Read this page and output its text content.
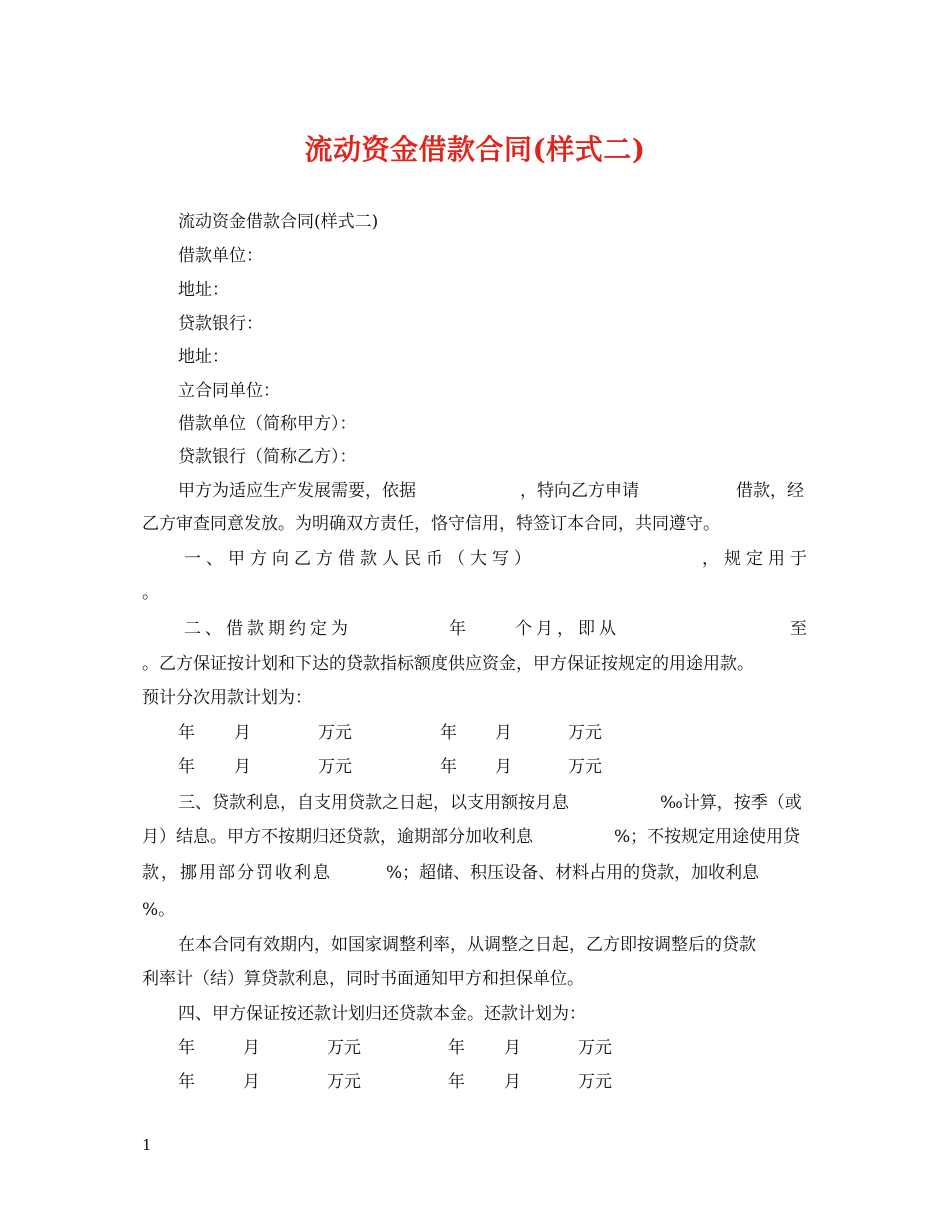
流动资金借款合同(样式二)
流动资金借款合同(样式二)
借款单位：
地址：
贷款银行：
地址：
立合同单位：
借款单位（简称甲方）：
贷款银行（简称乙方）：
甲方为适应生产发展需要，依据	，特向乙方申请	借款，经
乙方审查同意发放。为明确双方责任，恪守信用，特签订本合同，共同遵守。
一、甲方向乙方借款人民币（大写）	，规定用于
。
二、借款期约定为	年	个月，即从	至
。乙方保证按计划和下达的贷款指标额度供应资金，甲方保证按规定的用途用款。
预计分次用款计划为：
年 月	万元	年 月	万元
年 月	万元	年 月	万元
三、贷款利息，自支用贷款之日起，以支用额按月息	‰计算，按季（或
月）结息。甲方不按期归还贷款，逾期部分加收利息	%；不按规定用途使用贷
款，挪用部分罚收利息	%；超储、积压设备、材料占用的贷款，加收利息
%。
在本合同有效期内，如国家调整利率，从调整之日起，乙方即按调整后的贷款
利率计（结）算贷款利息，同时书面通知甲方和担保单位。
四、甲方保证按还款计划归还贷款本金。还款计划为：
年	月	万元	年 月	万元
年	月	万元	年 月	万元
1
